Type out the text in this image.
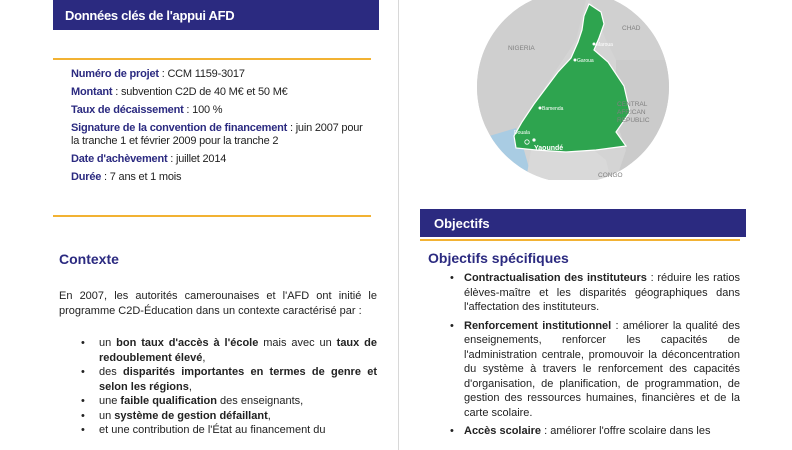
Données clés de l'appui AFD
Numéro de projet : CCM 1159-3017
Montant : subvention C2D de 40 M€ et 50 M€
Taux de décaissement : 100 %
Signature de la convention de financement : juin 2007 pour la tranche 1 et février 2009 pour la tranche 2
Date d'achèvement : juillet 2014
Durée : 7 ans et 1 mois
Contexte
En 2007, les autorités camerounaises et l'AFD ont initié le programme C2D-Éducation dans un contexte caractérisé par :
• un bon taux d'accès à l'école mais avec un taux de redoublement élevé,
• des disparités importantes en termes de genre et selon les régions,
• une faible qualification des enseignants,
• un système de gestion défaillant,
• et une contribution de l'État au financement du
NIGERIA
CHAD
CENTRAL
AFRICAN
REPUBLIC
CONGO
Maroua
Garoua
Bamenda
Douala
Yaoundé
Objectifs
Objectifs spécifiques
• Contractualisation des instituteurs : réduire les ratios élèves-maître et les disparités géographiques dans l'affectation des instituteurs.
• Renforcement institutionnel : améliorer la qualité des enseignements, renforcer les capacités de l'administration centrale, promouvoir la déconcentration du système à travers le renforcement des capacités d'organisation, de planification, de programmation, de gestion des ressources humaines, financières et de la carte scolaire.
• Accès scolaire : améliorer l'offre scolaire dans les
